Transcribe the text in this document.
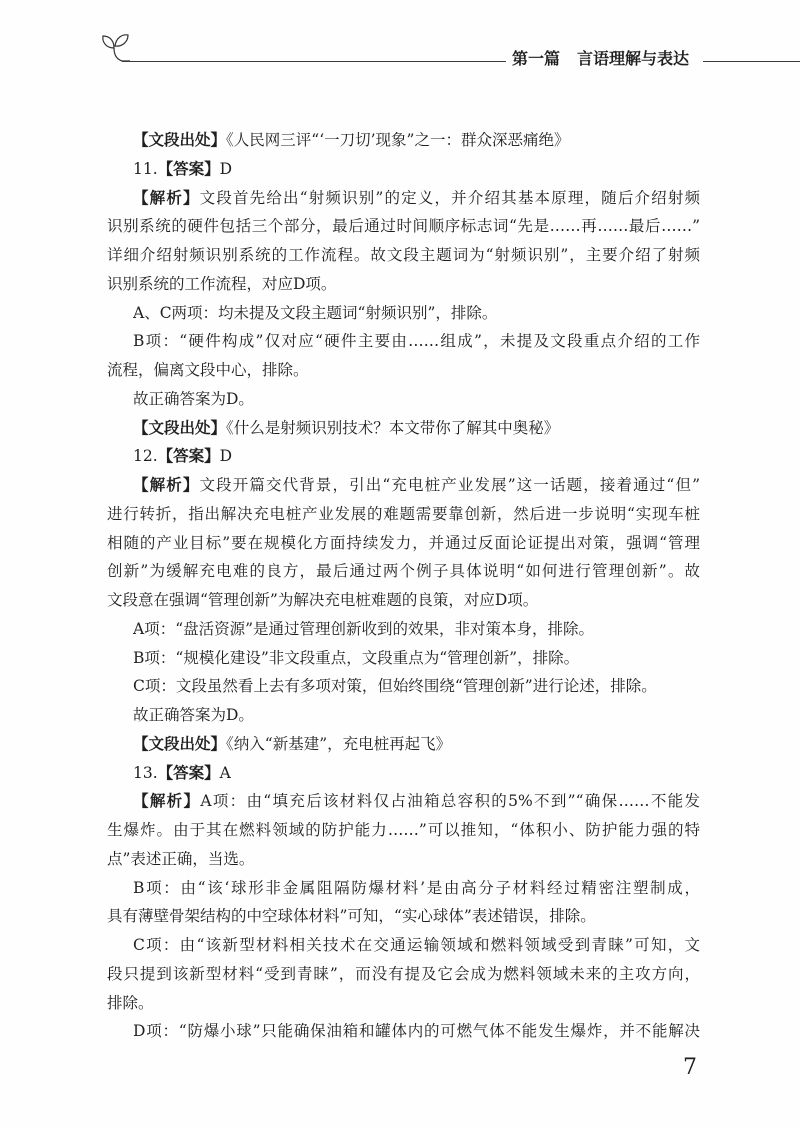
第一篇 言语理解与表达
【文段出处】《人民网三评“‘一刀切’现象”之一：群众深恶痛绝》
11.【答案】D
【解析】文段首先给出“射频识别”的定义，并介绍其基本原理，随后介绍射频
识别系统的硬件包括三个部分，最后通过时间顺序标志词“先是……再……最后……”
详细介绍射频识别系统的工作流程。故文段主题词为“射频识别”，主要介绍了射频
识别系统的工作流程，对应D项。
A、C两项：均未提及文段主题词“射频识别”，排除。
B项：“硬件构成”仅对应“硬件主要由……组成”，未提及文段重点介绍的工作
流程，偏离文段中心，排除。
故正确答案为D。
【文段出处】《什么是射频识别技术？本文带你了解其中奥秘》
12.【答案】D
【解析】文段开篇交代背景，引出“充电桩产业发展”这一话题，接着通过“但”
进行转折，指出解决充电桩产业发展的难题需要靠创新，然后进一步说明“实现车桩
相随的产业目标”要在规模化方面持续发力，并通过反面论证提出对策，强调“管理
创新”为缓解充电难的良方，最后通过两个例子具体说明“如何进行管理创新”。故
文段意在强调“管理创新”为解决充电桩难题的良策，对应D项。
A项：“盘活资源”是通过管理创新收到的效果，非对策本身，排除。
B项：“规模化建设”非文段重点，文段重点为“管理创新”，排除。
C项：文段虽然看上去有多项对策，但始终围绕“管理创新”进行论述，排除。
故正确答案为D。
【文段出处】《纳入“新基建”，充电桩再起飞》
13.【答案】A
【解析】A项：由“填充后该材料仅占油箱总容积的5%不到”“确保……不能发
生爆炸。由于其在燃料领域的防护能力……”可以推知，“体积小、防护能力强的特
点”表述正确，当选。
B项：由“该‘球形非金属阻隔防爆材料’是由高分子材料经过精密注塑制成，
具有薄壁骨架结构的中空球体材料”可知，“实心球体”表述错误，排除。
C项：由“该新型材料相关技术在交通运输领域和燃料领域受到青睐”可知，文
段只提到该新型材料“受到青睐”，而没有提及它会成为燃料领域未来的主攻方向，
排除。
D项：“防爆小球”只能确保油箱和罐体内的可燃气体不能发生爆炸，并不能解决
7
